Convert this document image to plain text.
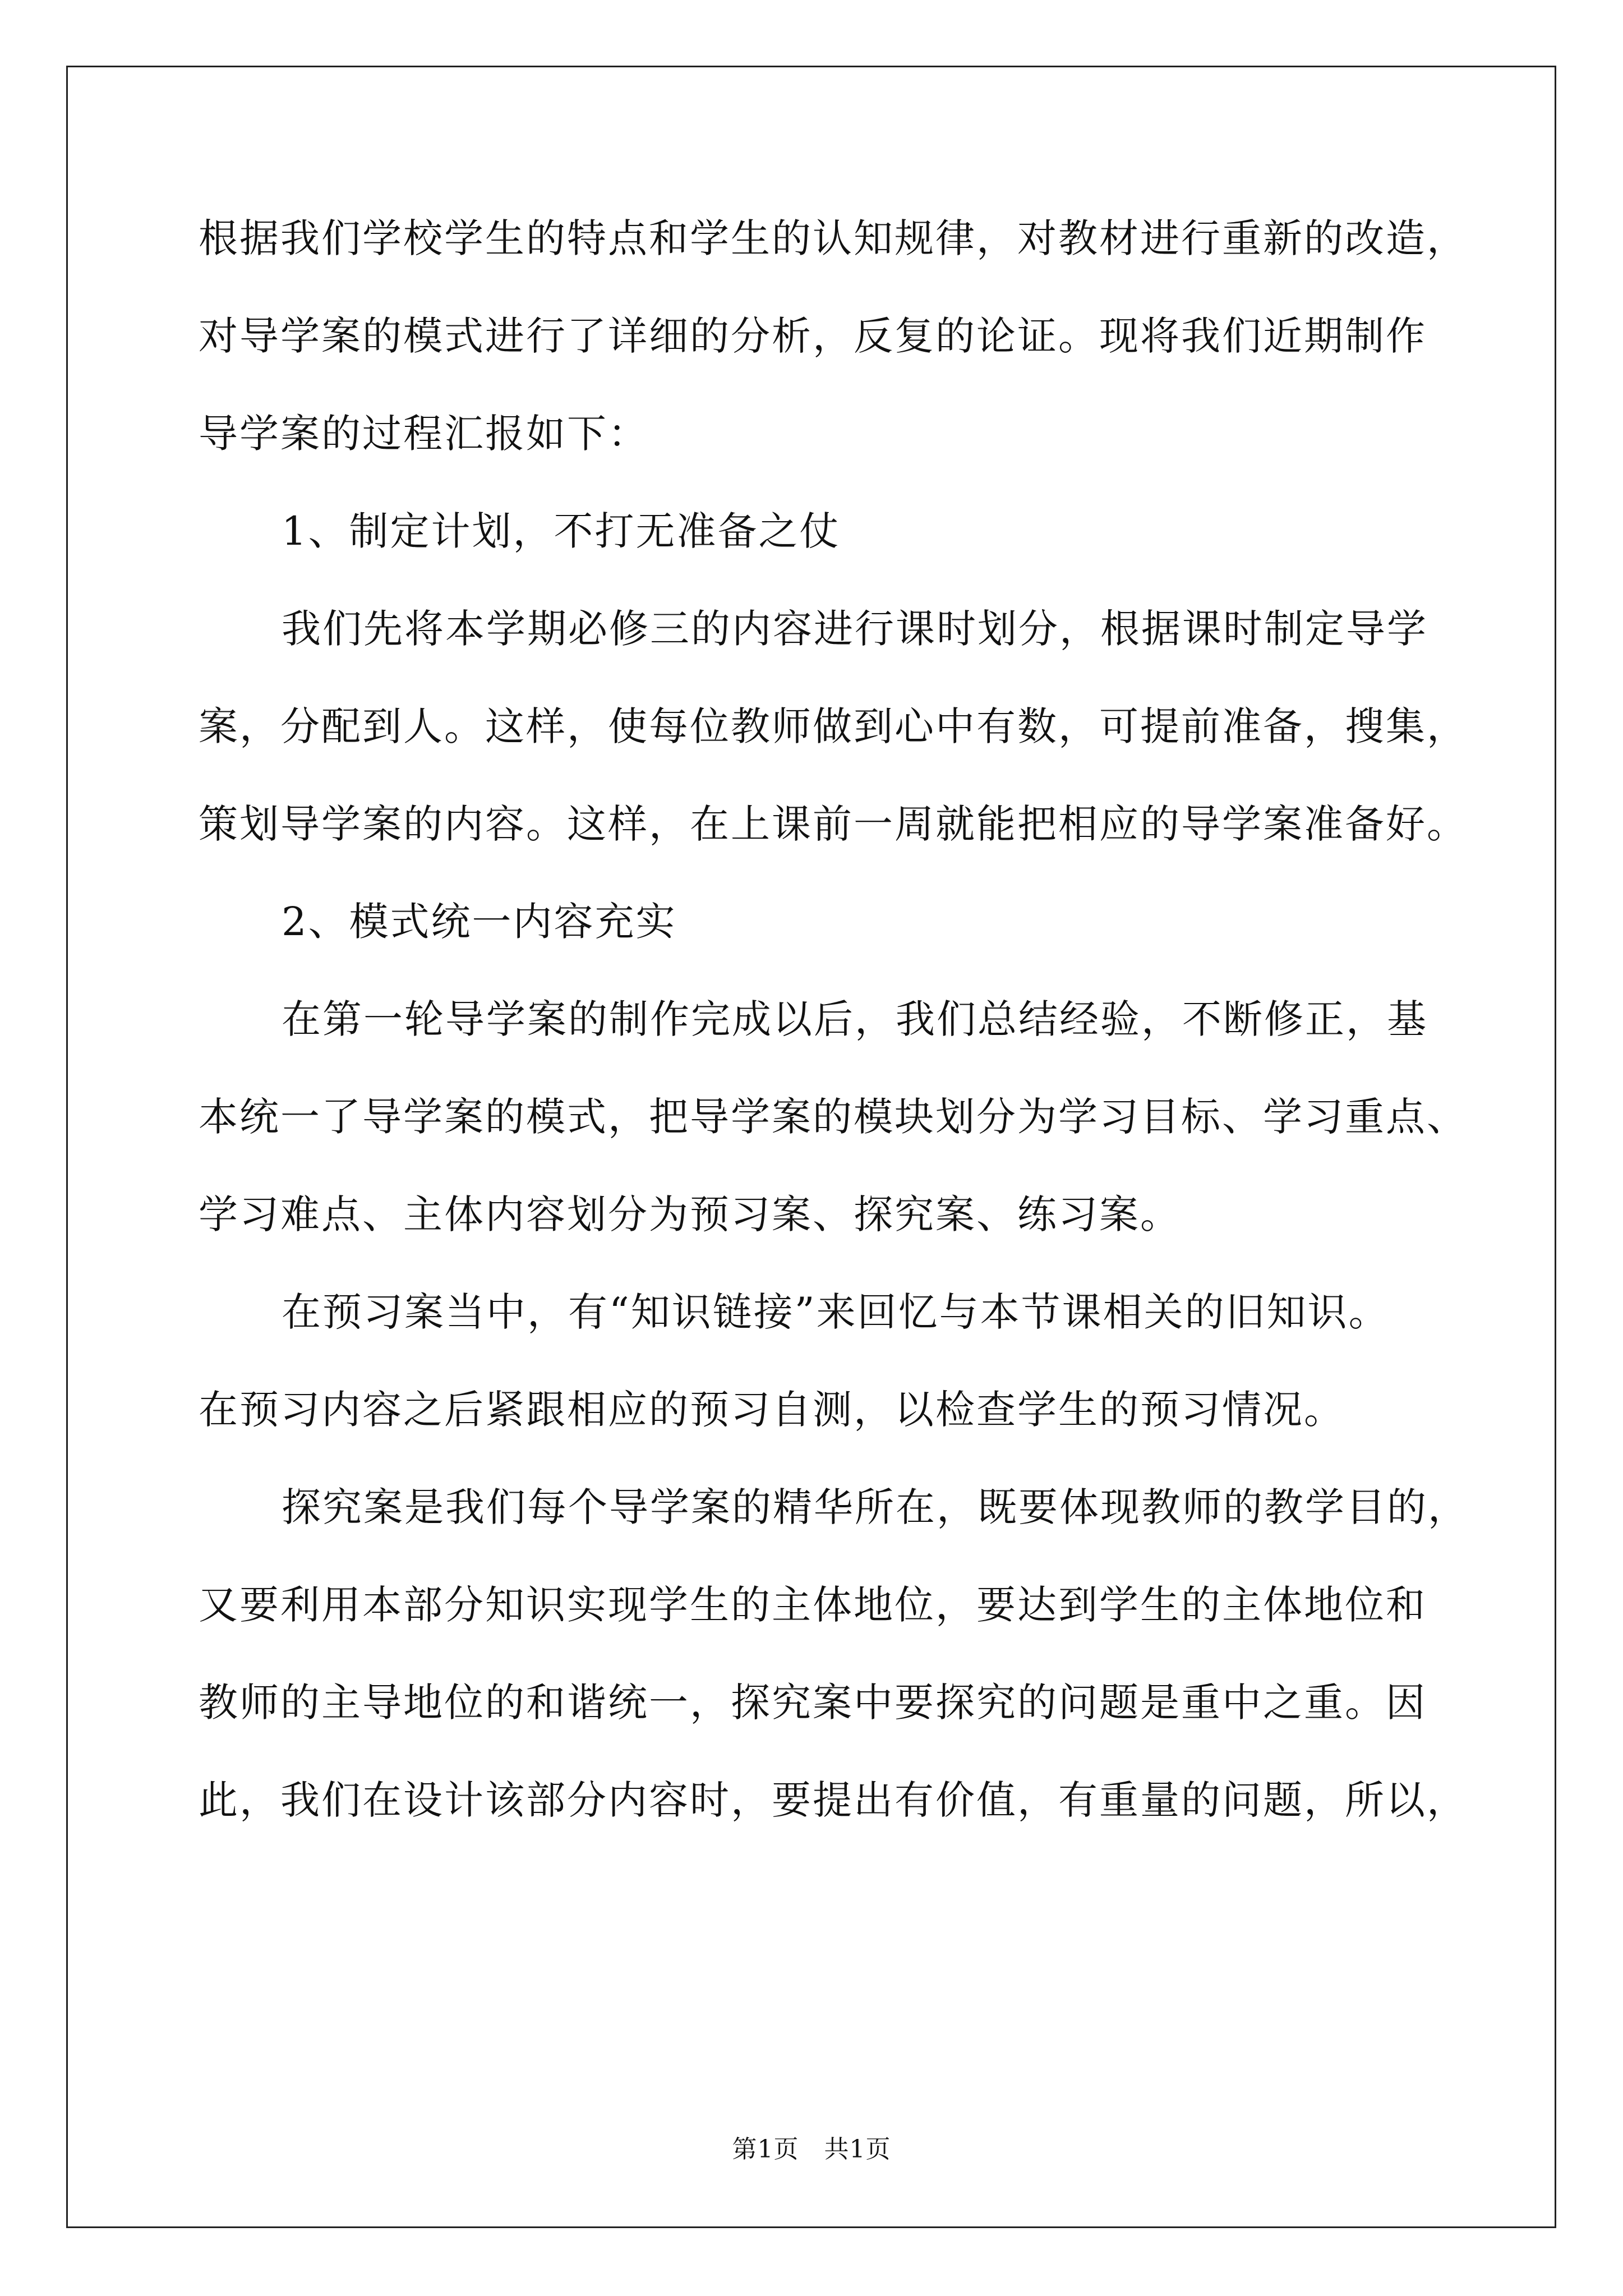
根据我们学校学生的特点和学生的认知规律，对教材进行重新的改造，
对导学案的模式进行了详细的分析，反复的论证。现将我们近期制作
导学案的过程汇报如下：
1、制定计划，不打无准备之仗
我们先将本学期必修三的内容进行课时划分，根据课时制定导学
案，分配到人。这样，使每位教师做到心中有数，可提前准备，搜集，
策划导学案的内容。这样，在上课前一周就能把相应的导学案准备好。
2、模式统一内容充实
在第一轮导学案的制作完成以后，我们总结经验，不断修正，基
本统一了导学案的模式，把导学案的模块划分为学习目标、学习重点、
学习难点、主体内容划分为预习案、探究案、练习案。
在预习案当中，有“知识链接”来回忆与本节课相关的旧知识。
在预习内容之后紧跟相应的预习自测，以检查学生的预习情况。
探究案是我们每个导学案的精华所在，既要体现教师的教学目的，
又要利用本部分知识实现学生的主体地位，要达到学生的主体地位和
教师的主导地位的和谐统一，探究案中要探究的问题是重中之重。因
此，我们在设计该部分内容时，要提出有价值，有重量的问题，所以，
第1页   共1页
